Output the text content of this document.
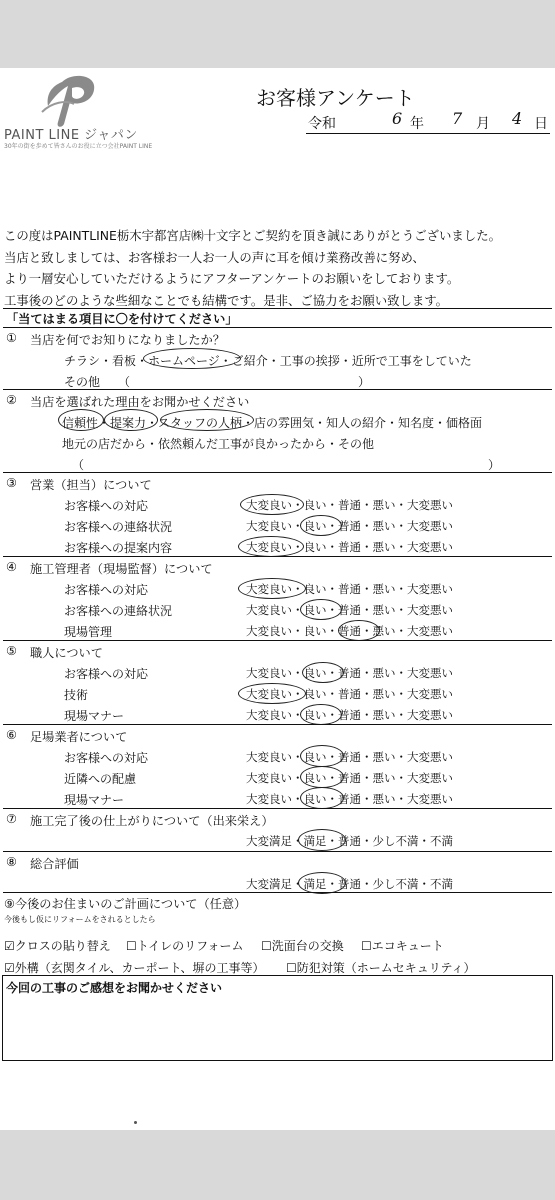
PAINT LINE ジャパン
30年の街を歩めて皆さんのお役に立つ会社PAINT LINE
お客様アンケート
令和	6 年 7 月 4 日
この度はPAINTLINE栃木宇都宮店㈱十文字とご契約を頂き誠にありがとうございました。
当店と致しましては、お客様お一人お一人の声に耳を傾け業務改善に努め、
より一層安心していただけるようにアフターアンケートのお願いをしております。
工事後のどのような些細なことでも結構です。是非、ご協力をお願い致します。
「当てはまる項目に〇を付けてください」
① 当店を何でお知りになりましたか？
チラシ・看板・ホームページ・ご紹介・工事の挨拶・近所で工事をしていた
その他　　（　　　　　　　　　　　　　　　　　　　）
② 当店を選ばれた理由をお聞かせください
信頼性・提案力・スタッフの人柄・店の雰囲気・知人の紹介・知名度・価格面
地元の店だから・依然頼んだ工事が良かったから・その他
（	）
③ 営業（担当）について
お客様への対応	大変良い・良い・普通・悪い・大変悪い
お客様への連絡状況	大変良い・良い・普通・悪い・大変悪い
お客様への提案内容	大変良い・良い・普通・悪い・大変悪い
④ 施工管理者（現場監督）について
お客様への対応	大変良い・良い・普通・悪い・大変悪い
お客様への連絡状況	大変良い・良い・普通・悪い・大変悪い
現場管理	大変良い・良い・普通・悪い・大変悪い
⑤ 職人について
お客様への対応	大変良い・良い・普通・悪い・大変悪い
技術	大変良い・良い・普通・悪い・大変悪い
現場マナー	大変良い・良い・普通・悪い・大変悪い
⑥ 足場業者について
お客様への対応	大変良い・良い・普通・悪い・大変悪い
近隣への配慮	大変良い・良い・普通・悪い・大変悪い
現場マナー	大変良い・良い・普通・悪い・大変悪い
⑦ 施工完了後の仕上がりについて（出来栄え）
大変満足・満足・普通・少し不満・不満
⑧ 総合評価
大変満足・満足・普通・少し不満・不満
⑨今後のお住まいのご計画について（任意）
今後もし仮にリフォームをされるとしたら
☑クロスの貼り替え ☐トイレのリフォーム ☐洗面台の交換 ☐エコキュート
☑外構（玄関タイル、カーポート、塀の工事等） ☐防犯対策（ホームセキュリティ）
今回の工事のご感想をお聞かせください
